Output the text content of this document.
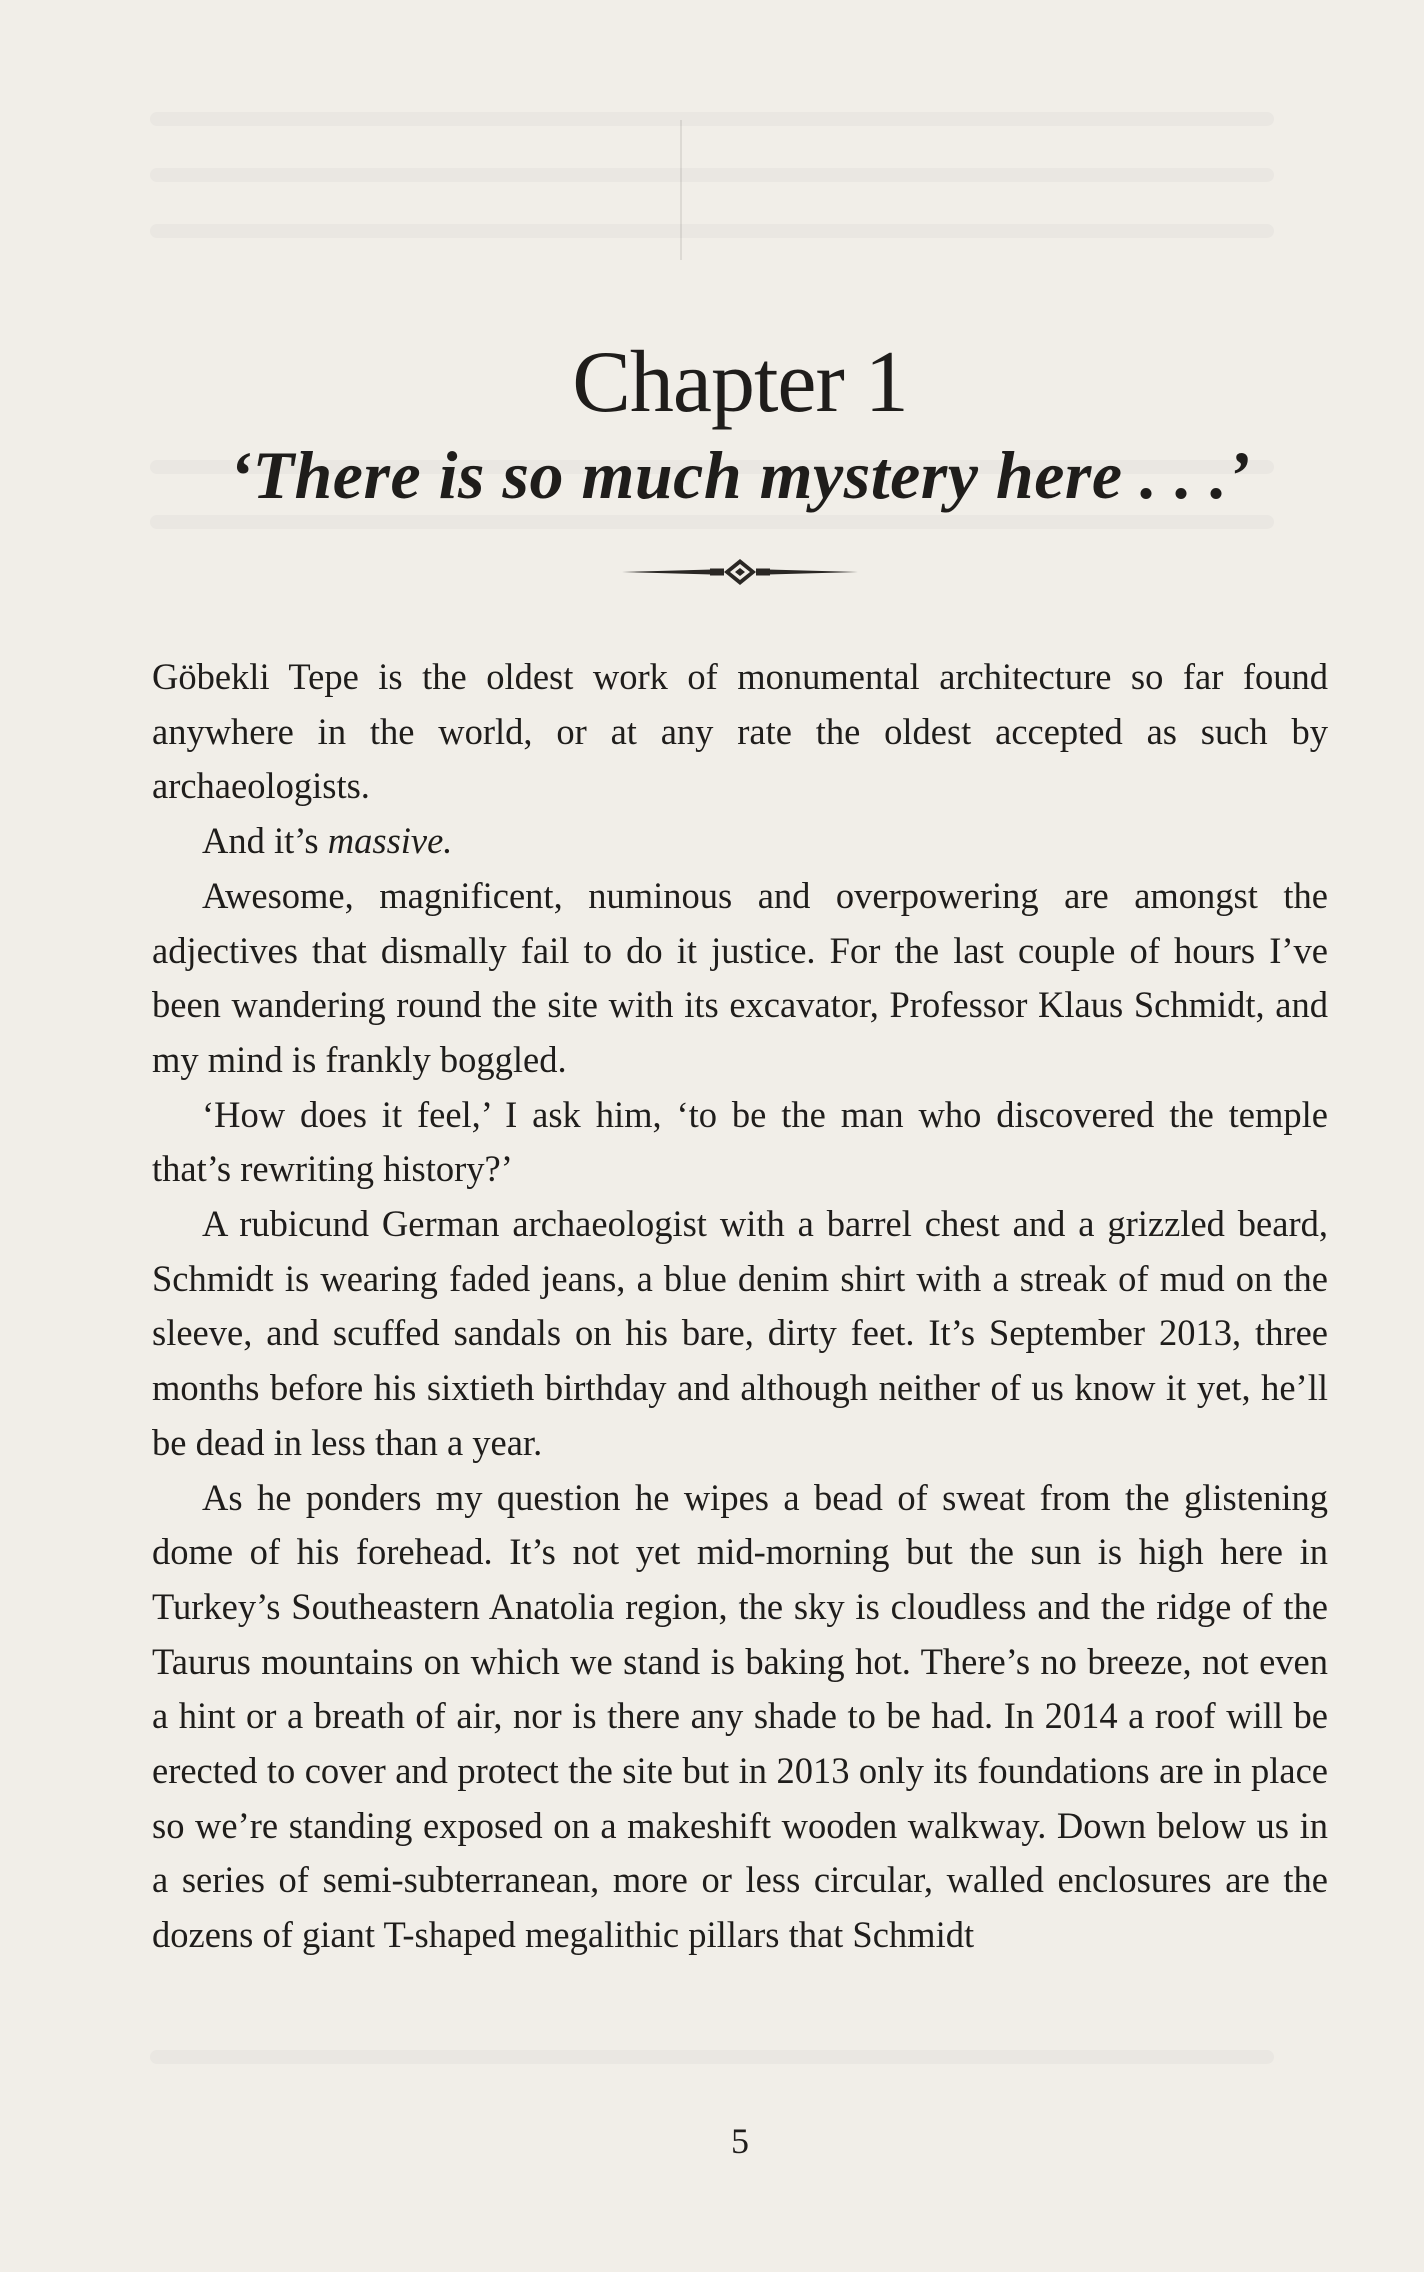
Chapter 1
‘There is so much mystery here . . .’

Göbekli Tepe is the oldest work of monumental architecture so far found anywhere in the world, or at any rate the oldest accepted as such by archaeologists.

And it’s massive.

Awesome, magnificent, numinous and overpowering are amongst the adjectives that dismally fail to do it justice. For the last couple of hours I’ve been wandering round the site with its excavator, Professor Klaus Schmidt, and my mind is frankly boggled.

‘How does it feel,’ I ask him, ‘to be the man who discovered the temple that’s rewriting history?’

A rubicund German archaeologist with a barrel chest and a grizzled beard, Schmidt is wearing faded jeans, a blue denim shirt with a streak of mud on the sleeve, and scuffed sandals on his bare, dirty feet. It’s September 2013, three months before his sixtieth birthday and although neither of us know it yet, he’ll be dead in less than a year.

As he ponders my question he wipes a bead of sweat from the glistening dome of his forehead. It’s not yet mid-morning but the sun is high here in Turkey’s Southeastern Anatolia region, the sky is cloudless and the ridge of the Taurus mountains on which we stand is baking hot. There’s no breeze, not even a hint or a breath of air, nor is there any shade to be had. In 2014 a roof will be erected to cover and protect the site but in 2013 only its foundations are in place so we’re standing exposed on a makeshift wooden walkway. Down below us in a series of semi-subterranean, more or less circular, walled enclosures are the dozens of giant T-shaped megalithic pillars that Schmidt

5
